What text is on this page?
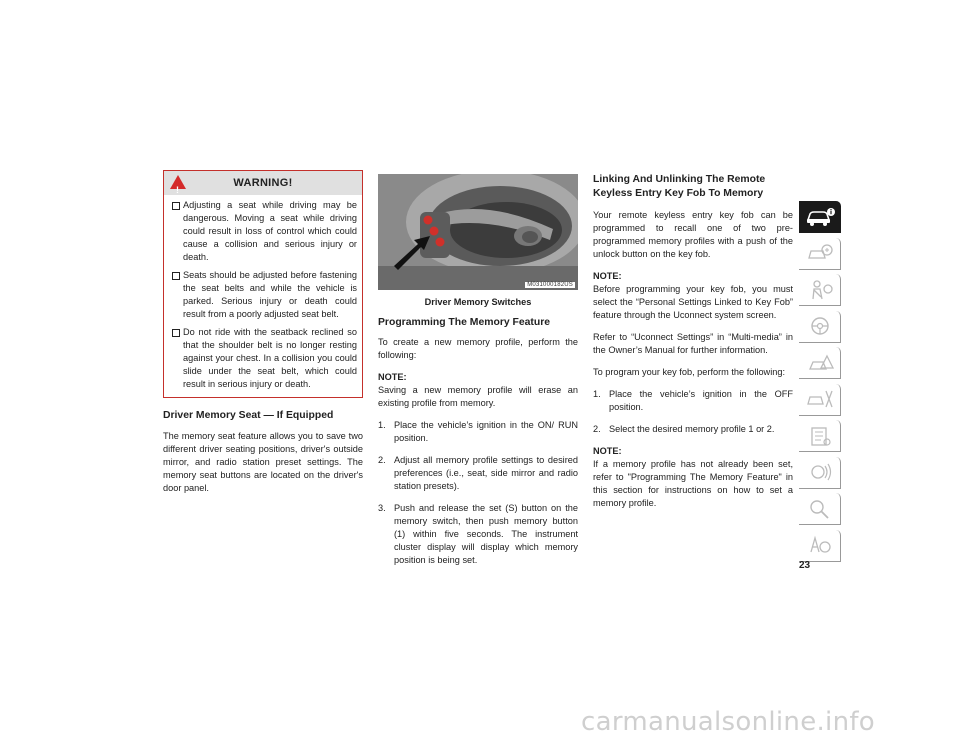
!
WARNING!
Adjusting a seat while driving may be dangerous. Moving a seat while driving could result in loss of control which could cause a collision and serious injury or death.
Seats should be adjusted before fastening the seat belts and while the vehicle is parked. Serious injury or death could result from a poorly adjusted seat belt.
Do not ride with the seatback reclined so that the shoulder belt is no longer resting against your chest. In a collision you could slide under the seat belt, which could result in serious injury or death.
Driver Memory Seat — If Equipped

The memory seat feature allows you to save two different driver seating positions, driver's outside mirror, and radio station preset settings. The memory seat buttons are located on the driver's door panel.

M031000182US
Driver Memory Switches
Programming The Memory Feature

To create a new memory profile, perform the following:

NOTE:

Saving a new memory profile will erase an existing profile from memory.

1. Place the vehicle’s ignition in the ON/ RUN position.
2. Adjust all memory profile settings to desired preferences (i.e., seat, side mirror and radio station presets).
3. Push and release the set (S) button on the memory switch, then push memory button (1) within five seconds. The instrument cluster display will display which memory position is being set.
Linking And Unlinking The Remote Keyless Entry Key Fob To Memory

Your remote keyless entry key fob can be programmed to recall one of two pre-programmed memory profiles with a push of the unlock button on the key fob.

NOTE:

Before programming your key fob, you must select the “Personal Settings Linked to Key Fob” feature through the Uconnect system screen.

Refer to “Uconnect Settings” in “Multi-media” in the Owner’s Manual for further information.

To program your key fob, perform the following:

1. Place the vehicle’s ignition in the OFF position.
2. Select the desired memory profile 1 or 2.
NOTE:

If a memory profile has not already been set, refer to "Programming The Memory Feature" in this section for instructions on how to set a memory profile.

23
carmanualsonline.info
